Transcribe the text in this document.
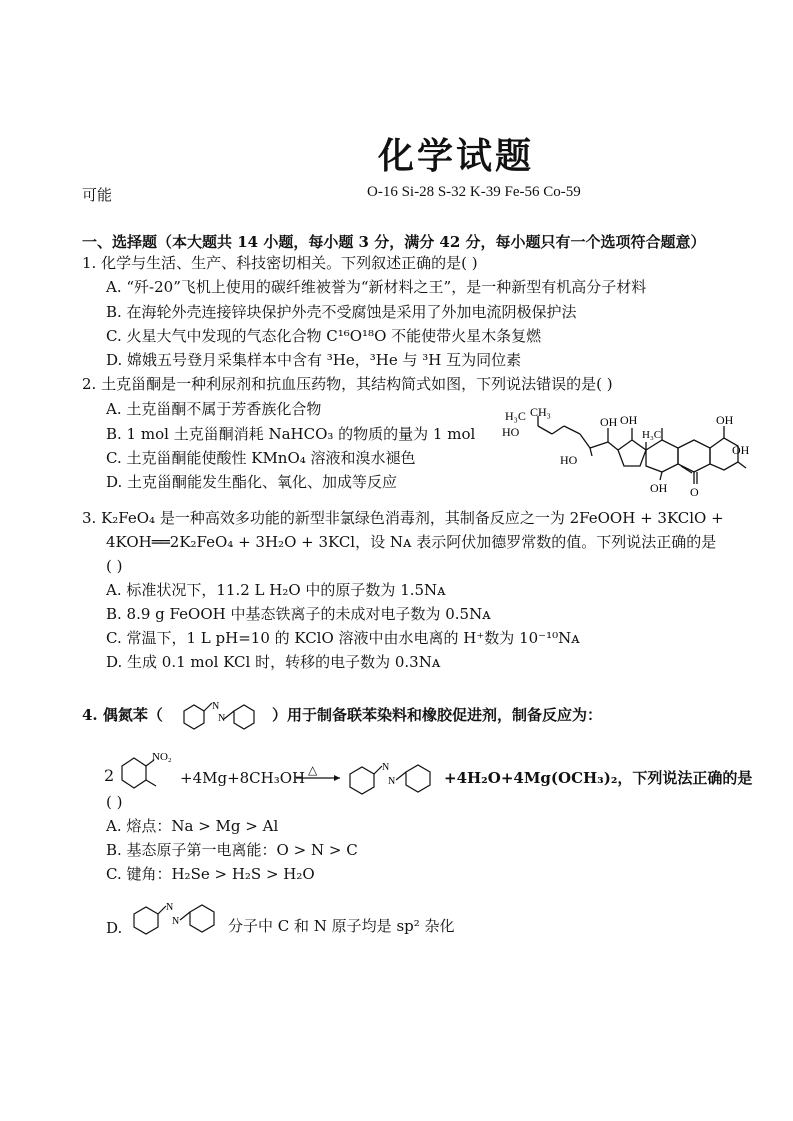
化学试题
可能	O-16 Si-28 S-32 K-39 Fe-56 Co-59
一、选择题（本大题共 14 小题，每小题 3 分，满分 42 分，每小题只有一个选项符合题意）
1. 化学与生活、生产、科技密切相关。下列叙述正确的是( )
A. “歼-20”飞机上使用的碳纤维被誉为“新材料之王”，是一种新型有机高分子材料
B. 在海轮外壳连接锌块保护外壳不受腐蚀是采用了外加电流阴极保护法
C. 火星大气中发现的气态化合物 C¹⁶O¹⁸O 不能使带火星木条复燃
D. 嫦娥五号登月采集样本中含有 ³He，³He 与 ³H 互为同位素
2. 土克甾酮是一种利尿剂和抗血压药物，其结构简式如图，下列说法错误的是( )
A. 土克甾酮不属于芳香族化合物
B. 1 mol 土克甾酮消耗 NaHCO₃ 的物质的量为 1 mol
C. 土克甾酮能使酸性 KMnO₄ 溶液和溴水褪色
D. 土克甾酮能发生酯化、氧化、加成等反应
H₃C CH₃
HO
OH OH
H₃C
OH
OH
OH
HO
O
3. K₂FeO₄ 是一种高效多功能的新型非氯绿色消毒剂，其制备反应之一为 2FeOOH + 3KClO +
4KOH══2K₂FeO₄ + 3H₂O + 3KCl，设 Nᴀ 表示阿伏加德罗常数的值。下列说法正确的是
( )
A. 标准状况下，11.2 L H₂O 中的原子数为 1.5Nᴀ
B. 8.9 g FeOOH 中基态铁离子的未成对电子数为 0.5Nᴀ
C. 常温下，1 L pH=10 的 KClO 溶液中由水电离的 H⁺数为 10⁻¹⁰Nᴀ
D. 生成 0.1 mol KCl 时，转移的电子数为 0.3Nᴀ
4. 偶氮苯（	N
N	）用于制备联苯染料和橡胶促进剂，制备反应为：
2
NO₂
+4Mg+8CH₃OH △	N
N	+4H₂O+4Mg(OCH₃)₂，下列说法正确的是
( )
A. 熔点：Na > Mg > Al
B. 基态原子第一电离能：O > N > C
C. 键角：H₂Se > H₂S > H₂O
D.
N
N	分子中 C 和 N 原子均是 sp² 杂化
